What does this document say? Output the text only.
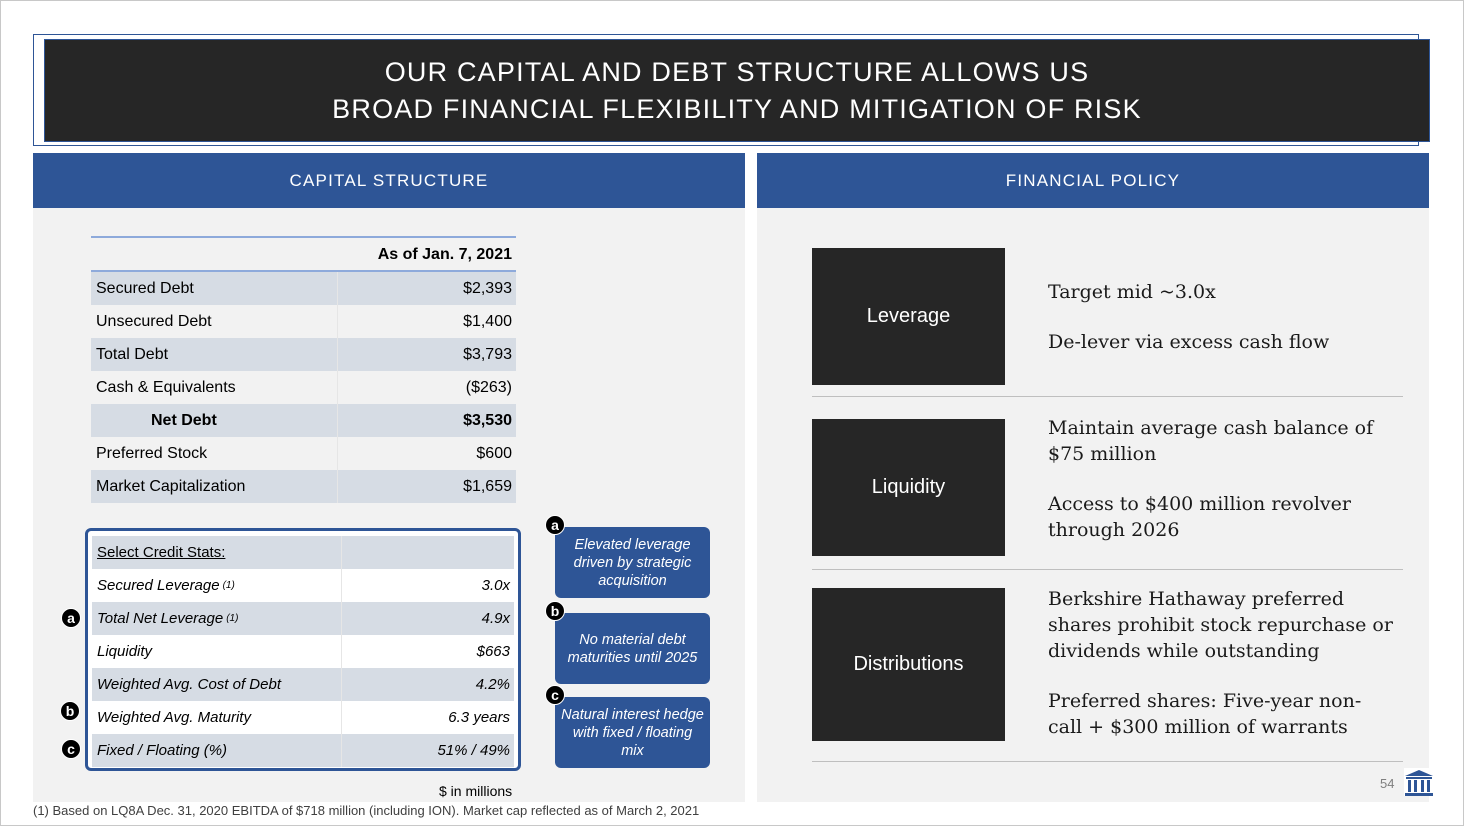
OUR CAPITAL AND DEBT STRUCTURE ALLOWS US
BROAD FINANCIAL FLEXIBILITY AND MITIGATION OF RISK
CAPITAL STRUCTURE
As of Jan. 7, 2021
Secured Debt	$2,393
Unsecured Debt	$1,400
Total Debt	$3,793
Cash & Equivalents	($263)
Net Debt	$3,530
Preferred Stock	$600
Market Capitalization	$1,659
Select Credit Stats:
Secured Leverage (1)	3.0x
Total Net Leverage (1)	4.9x
Liquidity	$663
Weighted Avg. Cost of Debt	4.2%
Weighted Avg. Maturity	6.3 years
Fixed / Floating (%)	51% / 49%
a
b
c
Elevated leverage driven by strategic acquisition
a
No material debt maturities until 2025
b
Natural interest hedge with fixed / floating mix
c
$ in millions
(1) Based on LQ8A Dec. 31, 2020 EBITDA of $718 million (including ION). Market cap reflected as of March 2, 2021
FINANCIAL POLICY
Leverage
Target mid ~3.0x
De-lever via excess cash flow
Liquidity
Maintain average cash balance of $75 million
Access to $400 million revolver through 2026
Distributions
Berkshire Hathaway preferred shares prohibit stock repurchase or dividends while outstanding
Preferred shares: Five-year non-call + $300 million of warrants
54
